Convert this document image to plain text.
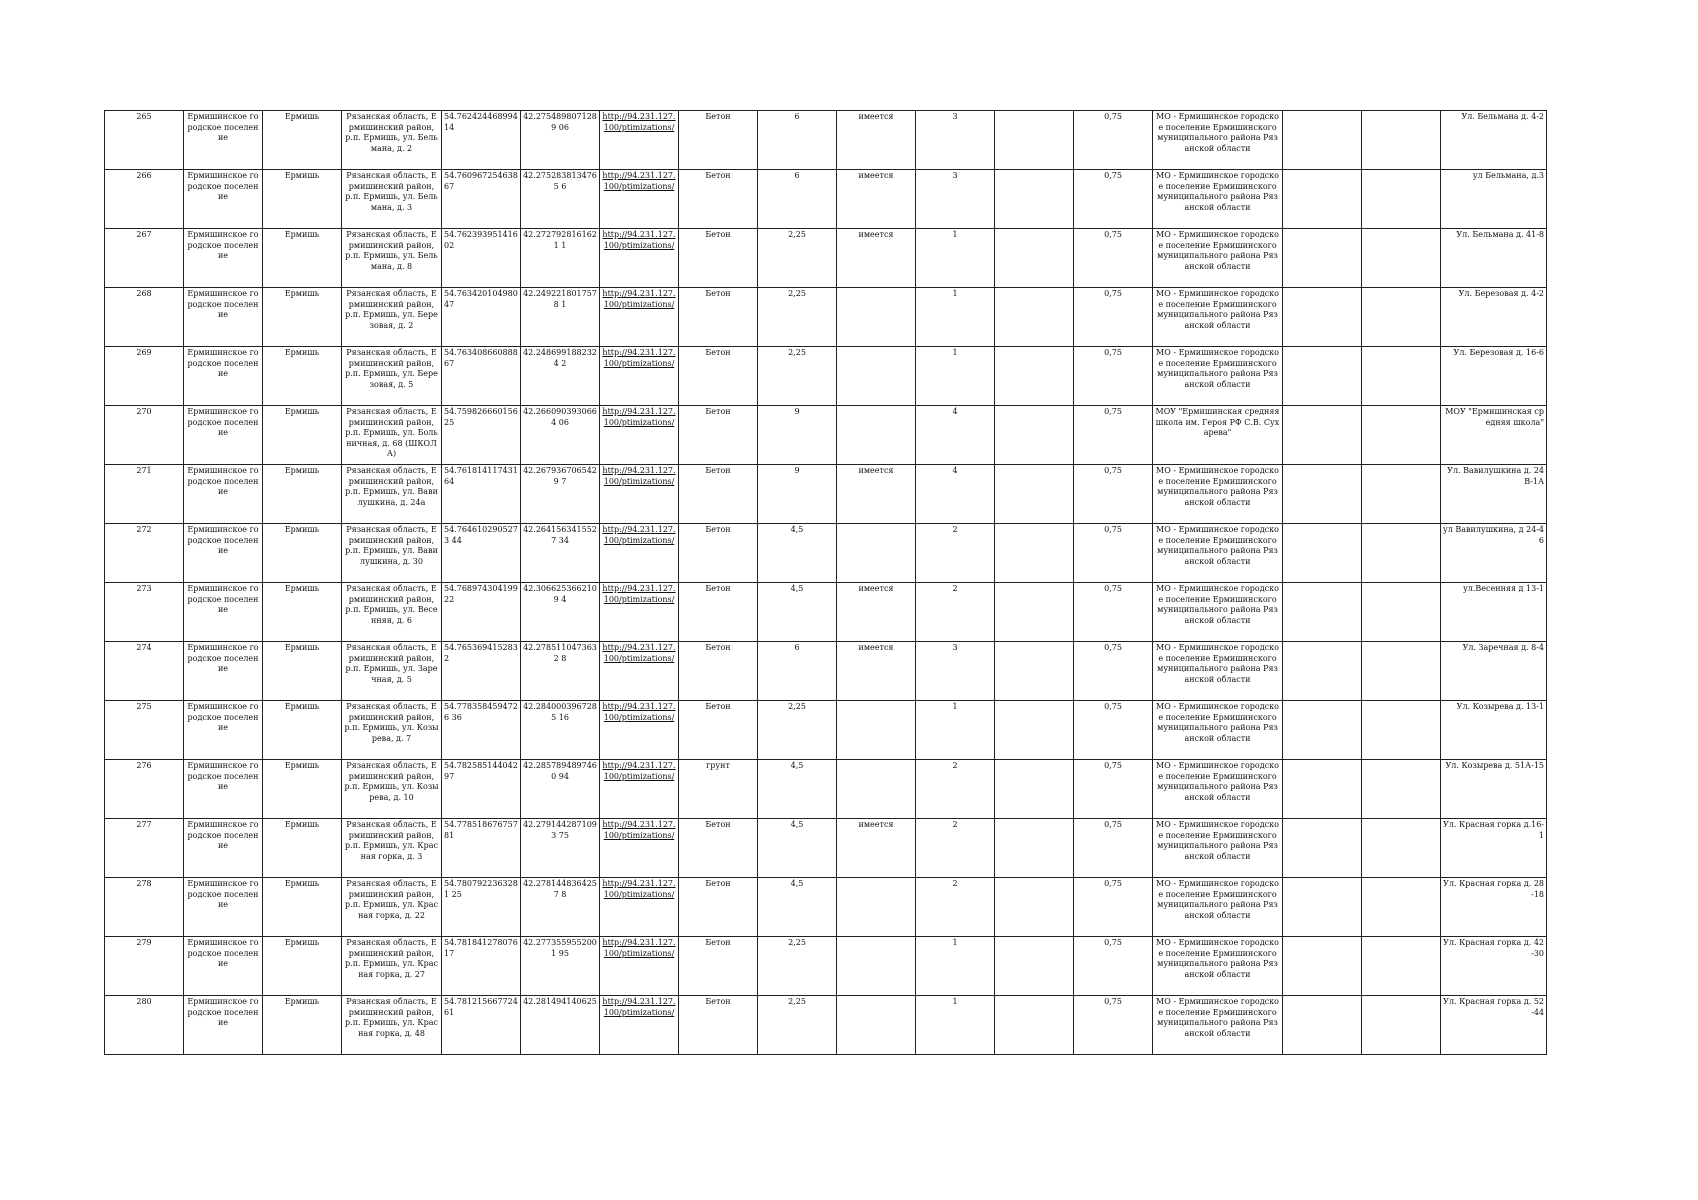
265	Ермишинское городское поселение	Ермишь	Рязанская область, Ермишинский район, р.п. Ермишь, ул. Бельмана, д. 2	54.76242446899414	42.2754898071289 06	http://94.231.127.100/ptimizations/	Бетон	6	имеется	3		0,75	МО - Ермишинское городское поселение Ермишинского муниципального района Рязанской области			Ул. Бельмана д. 4-2
266	Ермишинское городское поселение	Ермишь	Рязанская область, Ермишинский район, р.п. Ермишь, ул. Бельмана, д. 3	54.76096725463867	42.2752838134765 6	http://94.231.127.100/ptimizations/	Бетон	6	имеется	3		0,75	МО - Ермишинское городское поселение Ермишинского муниципального района Рязанской области			ул Бельмана, д.3
267	Ермишинское городское поселение	Ермишь	Рязанская область, Ермишинский район, р.п. Ермишь, ул. Бельмана, д. 8	54.76239395141602	42.2727928161621 1	http://94.231.127.100/ptimizations/	Бетон	2,25	имеется	1		0,75	МО - Ермишинское городское поселение Ермишинского муниципального района Рязанской области			Ул. Бельмана д. 41-8
268	Ермишинское городское поселение	Ермишь	Рязанская область, Ермишинский район, р.п. Ермишь, ул. Березовая, д. 2	54.76342010498047	42.2492218017578 1	http://94.231.127.100/ptimizations/	Бетон	2,25		1		0,75	МО - Ермишинское городское поселение Ермишинского муниципального района Рязанской области			Ул. Березовая д. 4-2
269	Ермишинское городское поселение	Ермишь	Рязанская область, Ермишинский район, р.п. Ермишь, ул. Березовая, д. 5	54.76340866088867	42.2486991882324 2	http://94.231.127.100/ptimizations/	Бетон	2,25		1		0,75	МО - Ермишинское городское поселение Ермишинского муниципального района Рязанской области			Ул. Березовая д. 16-6
270	Ермишинское городское поселение	Ермишь	Рязанская область, Ермишинский район, р.п. Ермишь, ул. Больничная, д. 68 (ШКОЛА)	54.75982666015625	42.2660903930664 06	http://94.231.127.100/ptimizations/	Бетон	9		4		0,75	МОУ "Ермишинская средняя школа им. Героя РФ С.В. Сухарева"			МОУ "Ермишинская средняя школа"
271	Ермишинское городское поселение	Ермишь	Рязанская область, Ермишинский район, р.п. Ермишь, ул. Вавилушкина, д. 24а	54.76181411743164	42.2679367065429 7	http://94.231.127.100/ptimizations/	Бетон	9	имеется	4		0,75	МО - Ермишинское городское поселение Ермишинского муниципального района Рязанской области			Ул. Вавилушкина д. 24В-1А
272	Ермишинское городское поселение	Ермишь	Рязанская область, Ермишинский район, р.п. Ермишь, ул. Вавилушкина, д. 30	54.7646102905273 44	42.2641563415527 34	http://94.231.127.100/ptimizations/	Бетон	4,5		2		0,75	МО - Ермишинское городское поселение Ермишинского муниципального района Рязанской области			ул Вавилушкина, д 24-46
273	Ермишинское городское поселение	Ермишь	Рязанская область, Ермишинский район, р.п. Ермишь, ул. Весенняя, д. 6	54.76897430419922	42.3066253662109 4	http://94.231.127.100/ptimizations/	Бетон	4,5	имеется	2		0,75	МО - Ермишинское городское поселение Ермишинского муниципального района Рязанской области			ул.Весенняя д 13-1
274	Ермишинское городское поселение	Ермишь	Рязанская область, Ермишинский район, р.п. Ермишь, ул. Заречная, д. 5	54.7653694152832	42.2785110473632 8	http://94.231.127.100/ptimizations/	Бетон	6	имеется	3		0,75	МО - Ермишинское городское поселение Ермишинского муниципального района Рязанской области			Ул. Заречная д. 8-4
275	Ермишинское городское поселение	Ермишь	Рязанская область, Ермишинский район, р.п. Ермишь, ул. Козырева, д. 7	54.7783584594726 36	42.2840003967285 16	http://94.231.127.100/ptimizations/	Бетон	2,25		1		0,75	МО - Ермишинское городское поселение Ермишинского муниципального района Рязанской области			Ул. Козырева д. 13-1
276	Ермишинское городское поселение	Ермишь	Рязанская область, Ермишинский район, р.п. Ермишь, ул. Козырева, д. 10	54.78258514404297	42.2857894897460 94	http://94.231.127.100/ptimizations/	грунт	4,5		2		0,75	МО - Ермишинское городское поселение Ермишинского муниципального района Рязанской области			Ул. Козырева д. 51А-15
277	Ермишинское городское поселение	Ермишь	Рязанская область, Ермишинский район, р.п. Ермишь, ул. Красная горка, д. 3	54.77851867675781	42.2791442871093 75	http://94.231.127.100/ptimizations/	Бетон	4,5	имеется	2		0,75	МО - Ермишинское городское поселение Ермишинского муниципального района Рязанской области			Ул. Красная горка д.16-1
278	Ермишинское городское поселение	Ермишь	Рязанская область, Ермишинский район, р.п. Ермишь, ул. Красная горка, д. 22	54.7807922363281 25	42.2781448364257 8	http://94.231.127.100/ptimizations/	Бетон	4,5		2		0,75	МО - Ермишинское городское поселение Ермишинского муниципального района Рязанской области			Ул. Красная горка д. 28-18
279	Ермишинское городское поселение	Ермишь	Рязанская область, Ермишинский район, р.п. Ермишь, ул. Красная горка, д. 27	54.78184127807617	42.2773559552001 95	http://94.231.127.100/ptimizations/	Бетон	2,25		1		0,75	МО - Ермишинское городское поселение Ермишинского муниципального района Рязанской области			Ул. Красная горка д. 42-30
280	Ермишинское городское поселение	Ермишь	Рязанская область, Ермишинский район, р.п. Ермишь, ул. Красная горка, д. 48	54.78121566772461	42.281494140625	http://94.231.127.100/ptimizations/	Бетон	2,25		1		0,75	МО - Ермишинское городское поселение Ермишинского муниципального района Рязанской области			Ул. Красная горка д. 52-44
